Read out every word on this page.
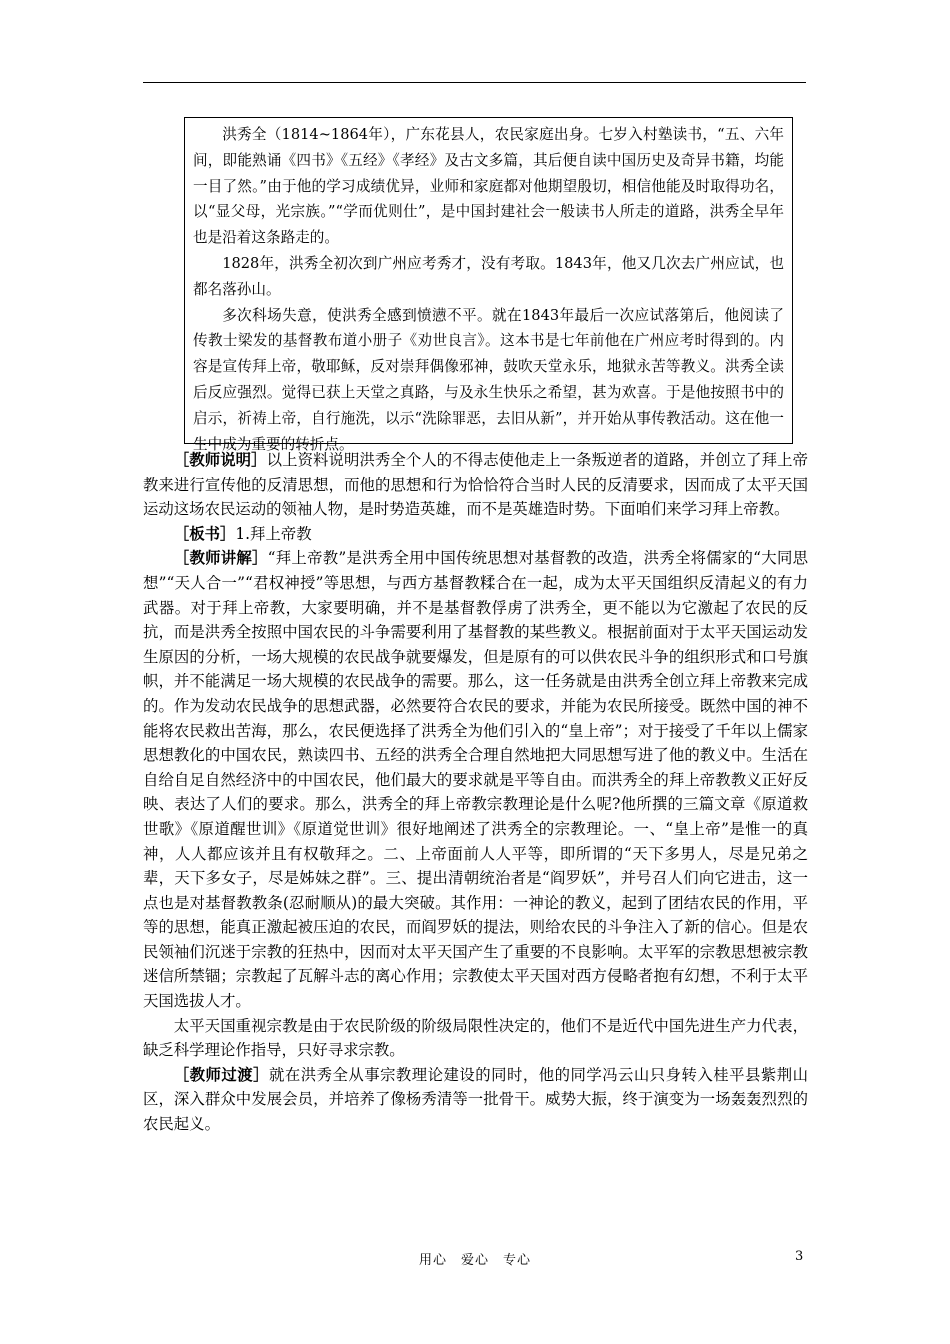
洪秀全（1814~1864年），广东花县人，农民家庭出身。七岁入村塾读书，“五、六年间，即能熟诵《四书》《五经》《孝经》及古文多篇，其后便自读中国历史及奇异书籍，均能一目了然。”由于他的学习成绩优异，业师和家庭都对他期望殷切，相信他能及时取得功名，以“显父母，光宗族。”“学而优则仕”，是中国封建社会一般读书人所走的道路，洪秀全早年也是沿着这条路走的。

1828年，洪秀全初次到广州应考秀才，没有考取。1843年，他又几次去广州应试，也都名落孙山。

多次科场失意，使洪秀全感到愤懑不平。就在1843年最后一次应试落第后，他阅读了传教士梁发的基督教布道小册子《劝世良言》。这本书是七年前他在广州应考时得到的。内容是宣传拜上帝，敬耶稣，反对崇拜偶像邪神，鼓吹天堂永乐，地狱永苦等教义。洪秀全读后反应强烈。觉得已获上天堂之真路，与及永生快乐之希望，甚为欢喜。于是他按照书中的启示，祈祷上帝，自行施洗，以示“洗除罪恶，去旧从新”，并开始从事传教活动。这在他一生中成为重要的转折点。

［教师说明］以上资料说明洪秀全个人的不得志使他走上一条叛逆者的道路，并创立了拜上帝教来进行宣传他的反清思想，而他的思想和行为恰恰符合当时人民的反清要求，因而成了太平天国运动这场农民运动的领袖人物，是时势造英雄，而不是英雄造时势。下面咱们来学习拜上帝教。

［板书］1.拜上帝教

［教师讲解］“拜上帝教”是洪秀全用中国传统思想对基督教的改造，洪秀全将儒家的“大同思想”“天人合一”“君权神授”等思想，与西方基督教糅合在一起，成为太平天国组织反清起义的有力武器。对于拜上帝教，大家要明确，并不是基督教俘虏了洪秀全，更不能以为它激起了农民的反抗，而是洪秀全按照中国农民的斗争需要利用了基督教的某些教义。根据前面对于太平天国运动发生原因的分析，一场大规模的农民战争就要爆发，但是原有的可以供农民斗争的组织形式和口号旗帜，并不能满足一场大规模的农民战争的需要。那么，这一任务就是由洪秀全创立拜上帝教来完成的。作为发动农民战争的思想武器，必然要符合农民的要求，并能为农民所接受。既然中国的神不能将农民救出苦海，那么，农民便选择了洪秀全为他们引入的“皇上帝”；对于接受了千年以上儒家思想教化的中国农民，熟读四书、五经的洪秀全合理自然地把大同思想写进了他的教义中。生活在自给自足自然经济中的中国农民，他们最大的要求就是平等自由。而洪秀全的拜上帝教教义正好反映、表达了人们的要求。那么，洪秀全的拜上帝教宗教理论是什么呢?他所撰的三篇文章《原道救世歌》《原道醒世训》《原道觉世训》很好地阐述了洪秀全的宗教理论。一、“皇上帝”是惟一的真神，人人都应该并且有权敬拜之。二、上帝面前人人平等，即所谓的“天下多男人，尽是兄弟之辈，天下多女子，尽是姊妹之群”。三、提出清朝统治者是“阎罗妖”，并号召人们向它进击，这一点也是对基督教教条(忍耐顺从)的最大突破。其作用：一神论的教义，起到了团结农民的作用，平等的思想，能真正激起被压迫的农民，而阎罗妖的提法，则给农民的斗争注入了新的信心。但是农民领袖们沉迷于宗教的狂热中，因而对太平天国产生了重要的不良影响。太平军的宗教思想被宗教迷信所禁锢；宗教起了瓦解斗志的离心作用；宗教使太平天国对西方侵略者抱有幻想，不利于太平天国选拔人才。

太平天国重视宗教是由于农民阶级的阶级局限性决定的，他们不是近代中国先进生产力代表，缺乏科学理论作指导，只好寻求宗教。

［教师过渡］就在洪秀全从事宗教理论建设的同时，他的同学冯云山只身转入桂平县紫荆山区，深入群众中发展会员，并培养了像杨秀清等一批骨干。威势大振，终于演变为一场轰轰烈烈的农民起义。

用心　爱心　专心	3
